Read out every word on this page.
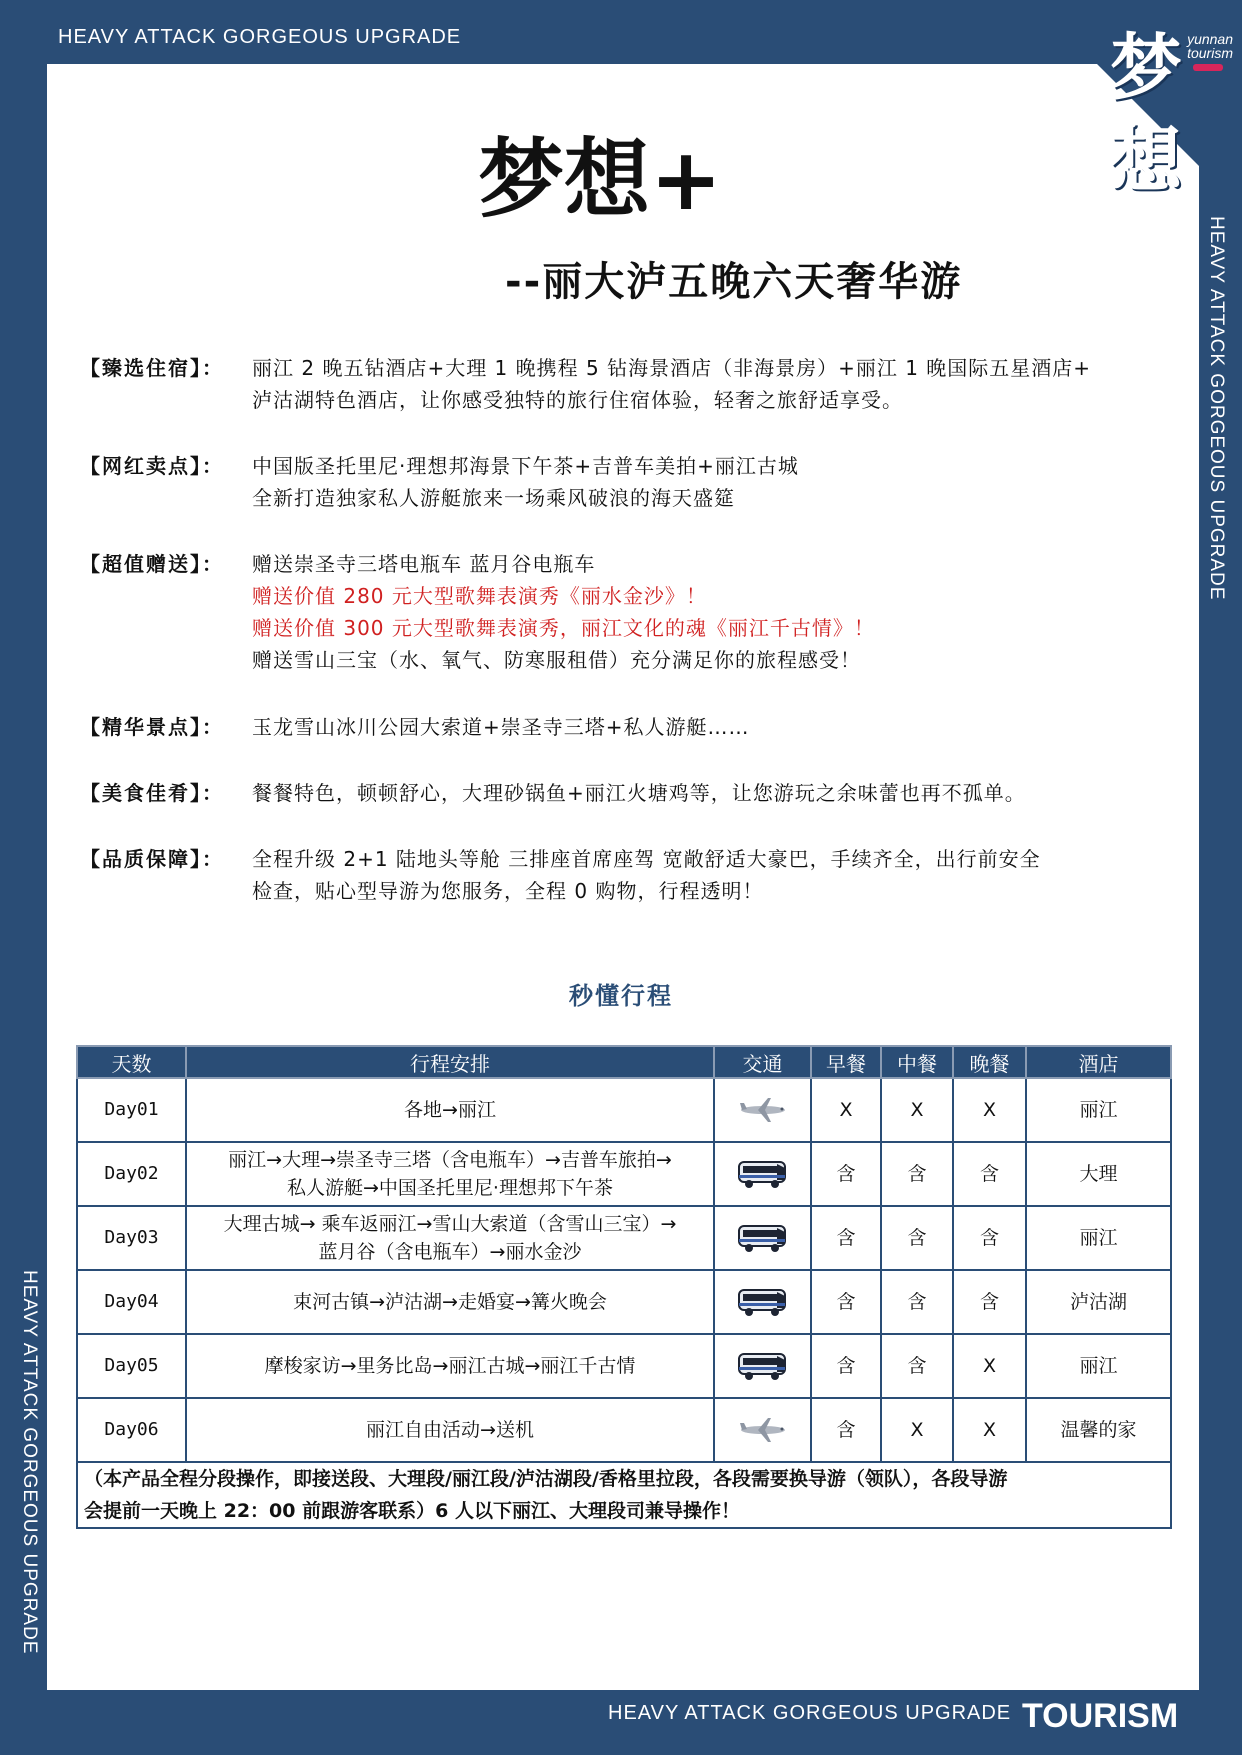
HEAVY ATTACK GORGEOUS UPGRADE
HEAVY ATTACK GORGEOUS UPGRADE
HEAVY ATTACK GORGEOUS UPGRADE
梦想
yunnan
tourism
梦想+
--丽大泸五晚六天奢华游
【臻选住宿】：	丽江 2 晚五钻酒店+大理 1 晚携程 5 钻海景酒店（非海景房）+丽江 1 晚国际五星酒店+
泸沽湖特色酒店，让你感受独特的旅行住宿体验，轻奢之旅舒适享受。
【网红卖点】：	中国版圣托里尼·理想邦海景下午茶+吉普车美拍+丽江古城
全新打造独家私人游艇旅来一场乘风破浪的海天盛筵
【超值赠送】：	赠送崇圣寺三塔电瓶车 蓝月谷电瓶车
赠送价值 280 元大型歌舞表演秀《丽水金沙》！
赠送价值 300 元大型歌舞表演秀，丽江文化的魂《丽江千古情》！
赠送雪山三宝（水、氧气、防寒服租借）充分满足你的旅程感受！
【精华景点】：	玉龙雪山冰川公园大索道+崇圣寺三塔+私人游艇……
【美食佳肴】：	餐餐特色，顿顿舒心，大理砂锅鱼+丽江火塘鸡等，让您游玩之余味蕾也再不孤单。
【品质保障】：	全程升级 2+1 陆地头等舱 三排座首席座驾 宽敞舒适大豪巴，手续齐全，出行前安全
检查，贴心型导游为您服务，全程 0 购物，行程透明！
秒懂行程
天数	行程安排	交通	早餐	中餐	晚餐	酒店
Day01	各地→丽江		X	X	X	丽江
Day02	丽江→大理→崇圣寺三塔（含电瓶车）→吉普车旅拍→
私人游艇→中国圣托里尼·理想邦下午茶		含	含	含	大理
Day03	大理古城→ 乘车返丽江→雪山大索道（含雪山三宝）→
蓝月谷（含电瓶车）→丽水金沙		含	含	含	丽江
Day04	束河古镇→泸沽湖→走婚宴→篝火晚会		含	含	含	泸沽湖
Day05	摩梭家访→里务比岛→丽江古城→丽江千古情		含	含	X	丽江
Day06	丽江自由活动→送机		含	X	X	温馨的家
（本产品全程分段操作，即接送段、大理段/丽江段/泸沽湖段/香格里拉段，各段需要换导游（领队），各段导游
会提前一天晚上 22：00 前跟游客联系）6 人以下丽江、大理段司兼导操作！						
HEAVY ATTACK GORGEOUS UPGRADE TOURISM
